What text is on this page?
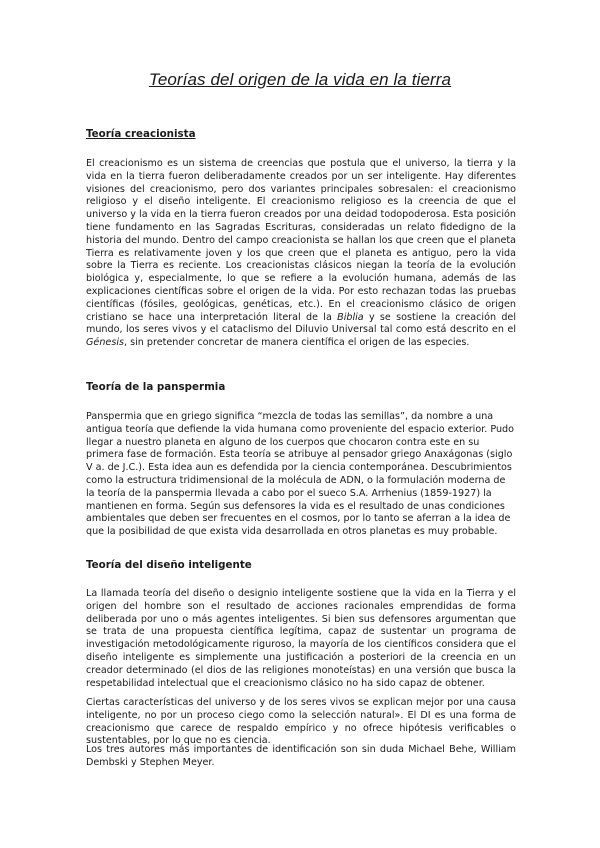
Teorías del origen de la vida en la tierra
Teoría creacionista

El creacionismo es un sistema de creencias que postula que el universo, la tierra y la vida en la tierra fueron deliberadamente creados por un ser inteligente. Hay diferentes visiones del creacionismo, pero dos variantes principales sobresalen: el creacionismo religioso y el diseño inteligente. El creacionismo religioso es la creencia de que el universo y la vida en la tierra fueron creados por una deidad todopoderosa. Esta posición tiene fundamento en las Sagradas Escrituras, consideradas un relato fidedigno de la historia del mundo. Dentro del campo creacionista se hallan los que creen que el planeta Tierra es relativamente joven y los que creen que el planeta es antiguo, pero la vida sobre la Tierra es reciente. Los creacionistas clásicos niegan la teoría de la evolución biológica y, especialmente, lo que se refiere a la evolución humana, además de las explicaciones científicas sobre el origen de la vida. Por esto rechazan todas las pruebas científicas (fósiles, geológicas, genéticas, etc.). En el creacionismo clásico de origen cristiano se hace una interpretación literal de la Biblia y se sostiene la creación del mundo, los seres vivos y el cataclismo del Diluvio Universal tal como está descrito en el Génesis, sin pretender concretar de manera científica el origen de las especies.

Teoría de la panspermia

Panspermia que en griego significa “mezcla de todas las semillas”, da nombre a una antigua teoría que defiende la vida humana como proveniente del espacio exterior. Pudo llegar a nuestro planeta en alguno de los cuerpos que chocaron contra este en su primera fase de formación. Esta teoría se atribuye al pensador griego Anaxágonas (siglo V a. de J.C.). Esta idea aun es defendida por la ciencia contemporánea. Descubrimientos como la estructura tridimensional de la molécula de ADN, o la formulación moderna de la teoría de la panspermia llevada a cabo por el sueco S.A. Arrhenius (1859-1927) la mantienen en forma. Según sus defensores la vida es el resultado de unas condiciones ambientales que deben ser frecuentes en el cosmos, por lo tanto se aferran a la idea de que la posibilidad de que exista vida desarrollada en otros planetas es muy probable.

Teoría del diseño inteligente

La llamada teoría del diseño o designio inteligente sostiene que la vida en la Tierra y el origen del hombre son el resultado de acciones racionales emprendidas de forma deliberada por uno o más agentes inteligentes. Si bien sus defensores argumentan que se trata de una propuesta científica legítima, capaz de sustentar un programa de investigación metodológicamente riguroso, la mayoría de los científicos considera que el diseño inteligente es simplemente una justificación a posteriori de la creencia en un creador determinado (el dios de las religiones monoteístas) en una versión que busca la respetabilidad intelectual que el creacionismo clásico no ha sido capaz de obtener.

Ciertas características del universo y de los seres vivos se explican mejor por una causa inteligente, no por un proceso ciego como la selección natural». El DI es una forma de creacionismo que carece de respaldo empírico y no ofrece hipótesis verificables o sustentables, por lo que no es ciencia.

Los tres autores más importantes de identificación son sin duda Michael Behe, William Dembski y Stephen Meyer.
